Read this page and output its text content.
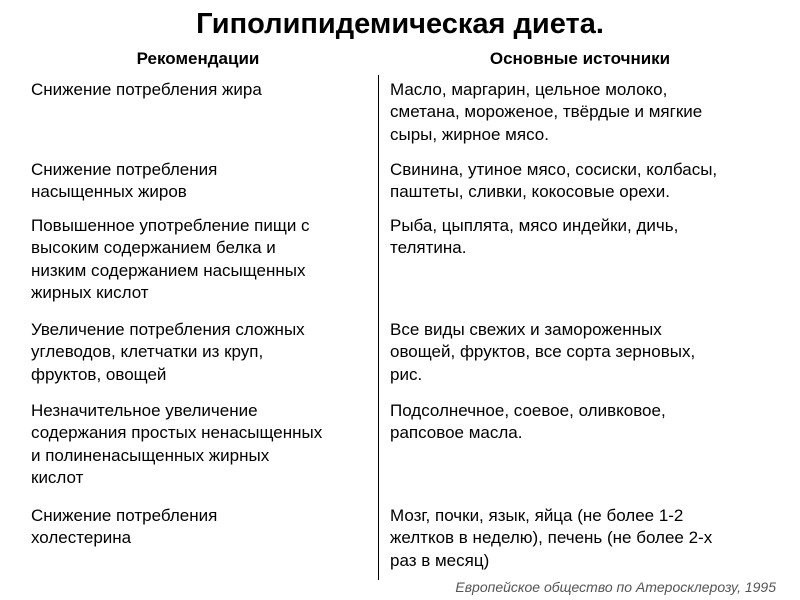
Гиполипидемическая диета.
Рекомендации	Основные источники
Снижение потребления жира	Масло, маргарин, цельное молоко,
сметана, мороженое, твёрдые и мягкие
сыры, жирное мясо.
Снижение потребления
насыщенных жиров
Свинина, утиное мясо, сосиски, колбасы,
паштеты, сливки, кокосовые орехи.
Повышенное употребление пищи с
высоким содержанием белка и
низким содержанием насыщенных
жирных кислот
Рыба, цыплята, мясо индейки, дичь,
телятина.
Увеличение потребления сложных
углеводов, клетчатки из круп,
фруктов, овощей
Все виды свежих и замороженных
овощей, фруктов, все сорта зерновых,
рис.
Незначительное увеличение
содержания простых ненасыщенных
и полиненасыщенных жирных
кислот
Подсолнечное, соевое, оливковое,
рапсовое масла.
Снижение потребления
холестерина
Мозг, почки, язык, яйца (не более 1-2
желтков в неделю), печень (не более 2-х
раз в месяц)
Европейское общество по Атеросклерозу, 1995
